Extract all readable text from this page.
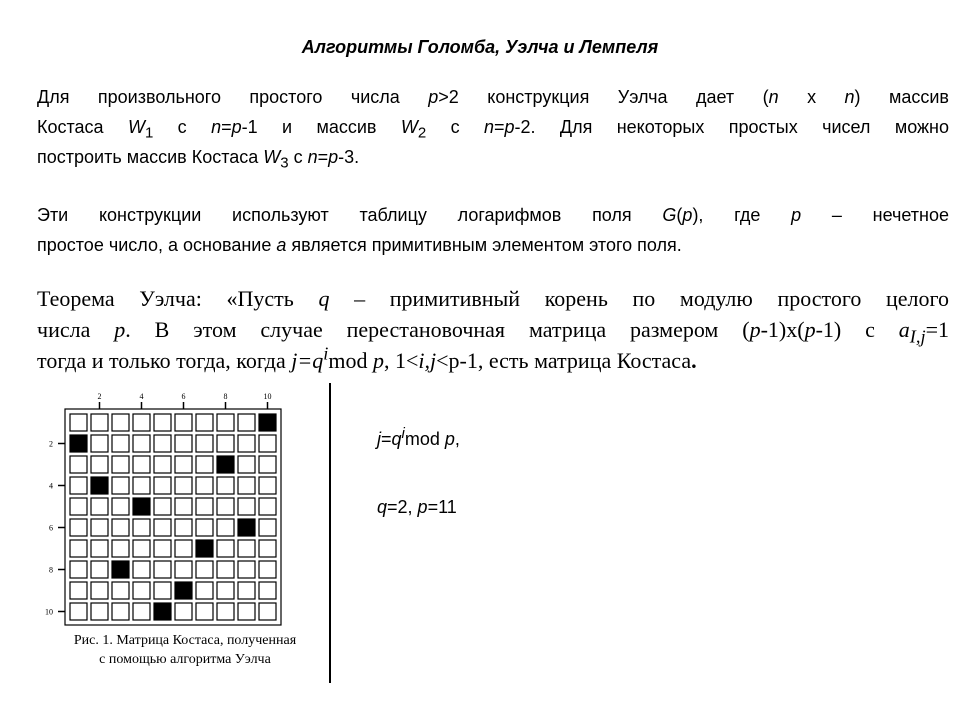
Алгоритмы Голомба, Уэлча и Лемпеля
Для произвольного простого числа p>2 конструкция Уэлча дает (n x n) массив
Костаса $W_1$ с n=p-1 и массив $W_2$ с n=p-2. Для некоторых простых чисел можно
построить массив Костаса $W_3$ с n=p-3.
Эти конструкции используют таблицу логарифмов поля G(p), где p – нечетное
простое число, а основание a является примитивным элементом этого поля.
Теорема Уэлча: «Пусть q – примитивный корень по модулю простого целого
числа p. В этом случае перестановочная матрица размером (p-1)х(p-1) с $a_{I,j}=1$
тогда и только тогда, когда $j=q^imod$ p, 1<i,j<p-1, есть матрица Костаса.
2	4	6	8	10
2
4
6
8
10
Рис. 1. Матрица Костаса, полученная
с помощью алгоритма Уэлча
$j=q^imod$ p,
q=2, p=11
